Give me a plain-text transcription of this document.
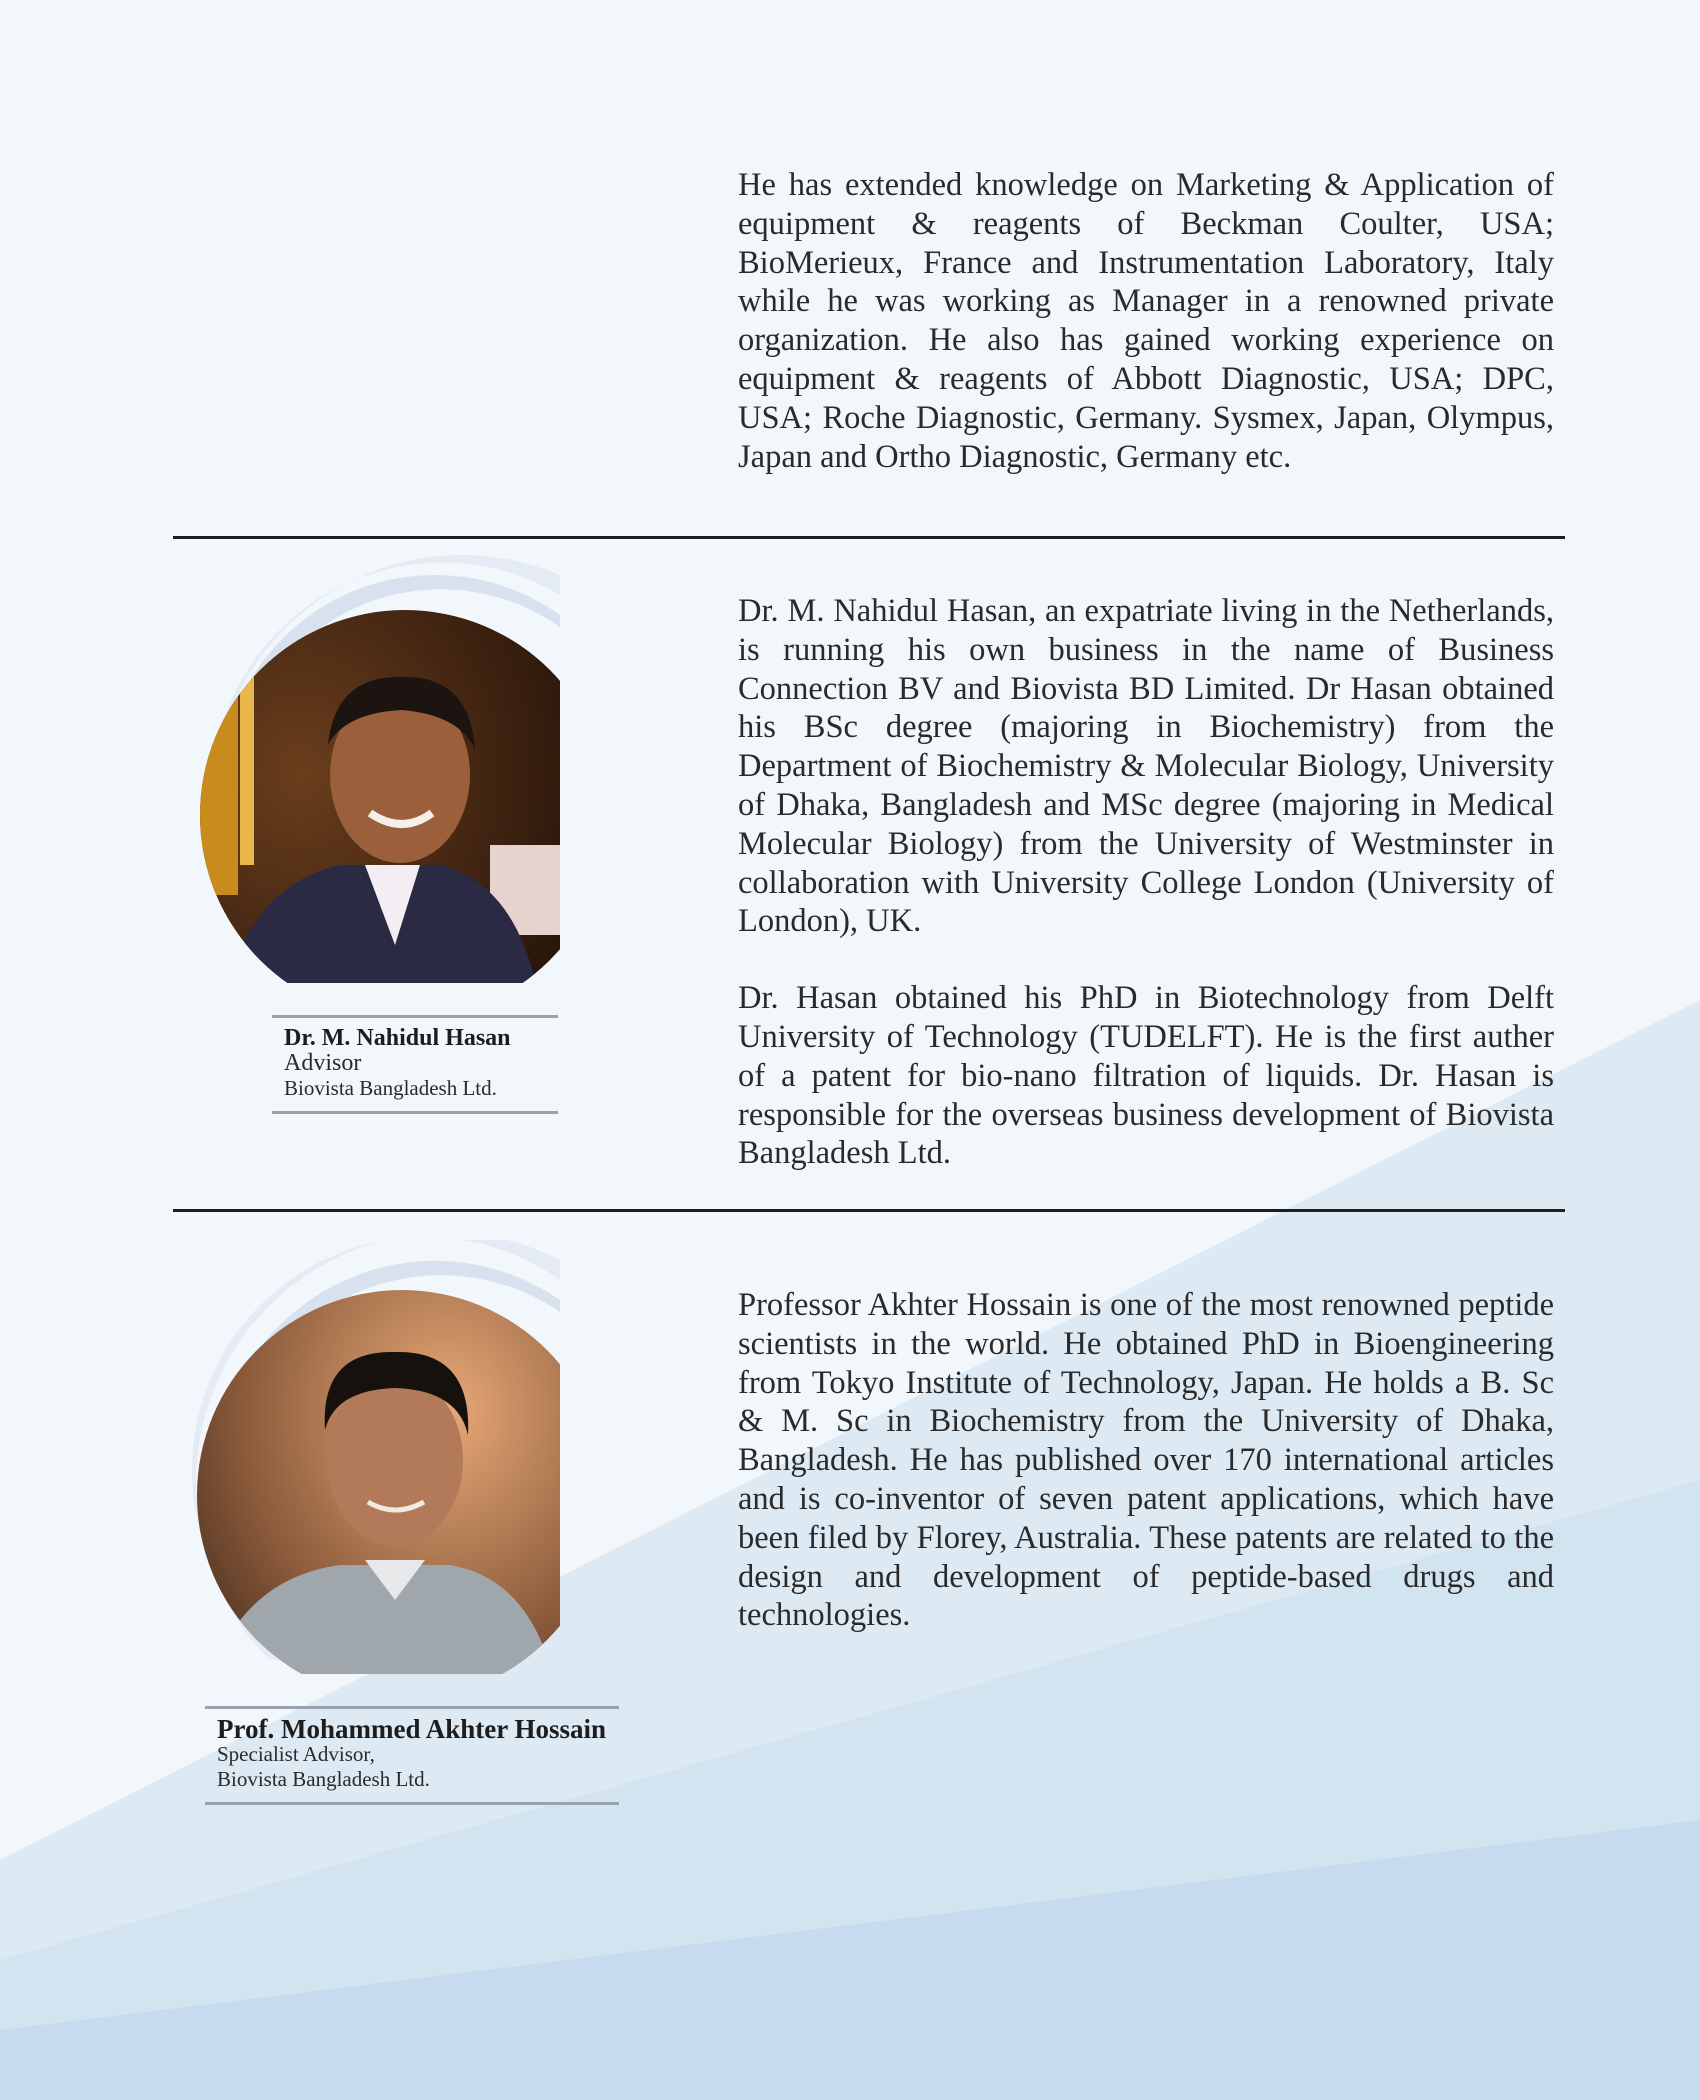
He has extended knowledge on Marketing & Application of equipment & reagents of Beckman Coulter, USA; BioMerieux, France and Instrumentation Laboratory, Italy while he was working as Manager in a renowned private organization. He also has gained working experience on equipment & reagents of Abbott Diagnostic, USA; DPC, USA; Roche Diagnostic, Germany. Sysmex, Japan, Olympus, Japan and Ortho Diagnostic, Germany etc.

Dr. M. Nahidul Hasan
Advisor
Biovista Bangladesh Ltd.

Dr. M. Nahidul Hasan, an expatriate living in the Netherlands, is running his own business in the name of Business Connection BV and Biovista BD Limited. Dr Hasan obtained his BSc degree (majoring in Biochemistry) from the Department of Biochemistry & Molecular Biology, University of Dhaka, Bangladesh and MSc degree (majoring in Medical Molecular Biology) from the University of Westminster in collaboration with University College London (University of London), UK.

Dr. Hasan obtained his PhD in Biotechnology from Delft University of Technology (TUDELFT). He is the first auther of a patent for bio-nano filtration of liquids. Dr. Hasan is responsible for the overseas business development of Biovista Bangladesh Ltd.

Prof. Mohammed Akhter Hossain
Specialist Advisor,
Biovista Bangladesh Ltd.

Professor Akhter Hossain is one of the most renowned peptide scientists in the world. He obtained PhD in Bioengineering from Tokyo Institute of Technology, Japan. He holds a B. Sc & M. Sc in Biochemistry from the University of Dhaka, Bangladesh. He has published over 170 international articles and is co-inventor of seven patent applications, which have been filed by Florey, Australia. These patents are related to the design and development of peptide-based drugs and technologies.
